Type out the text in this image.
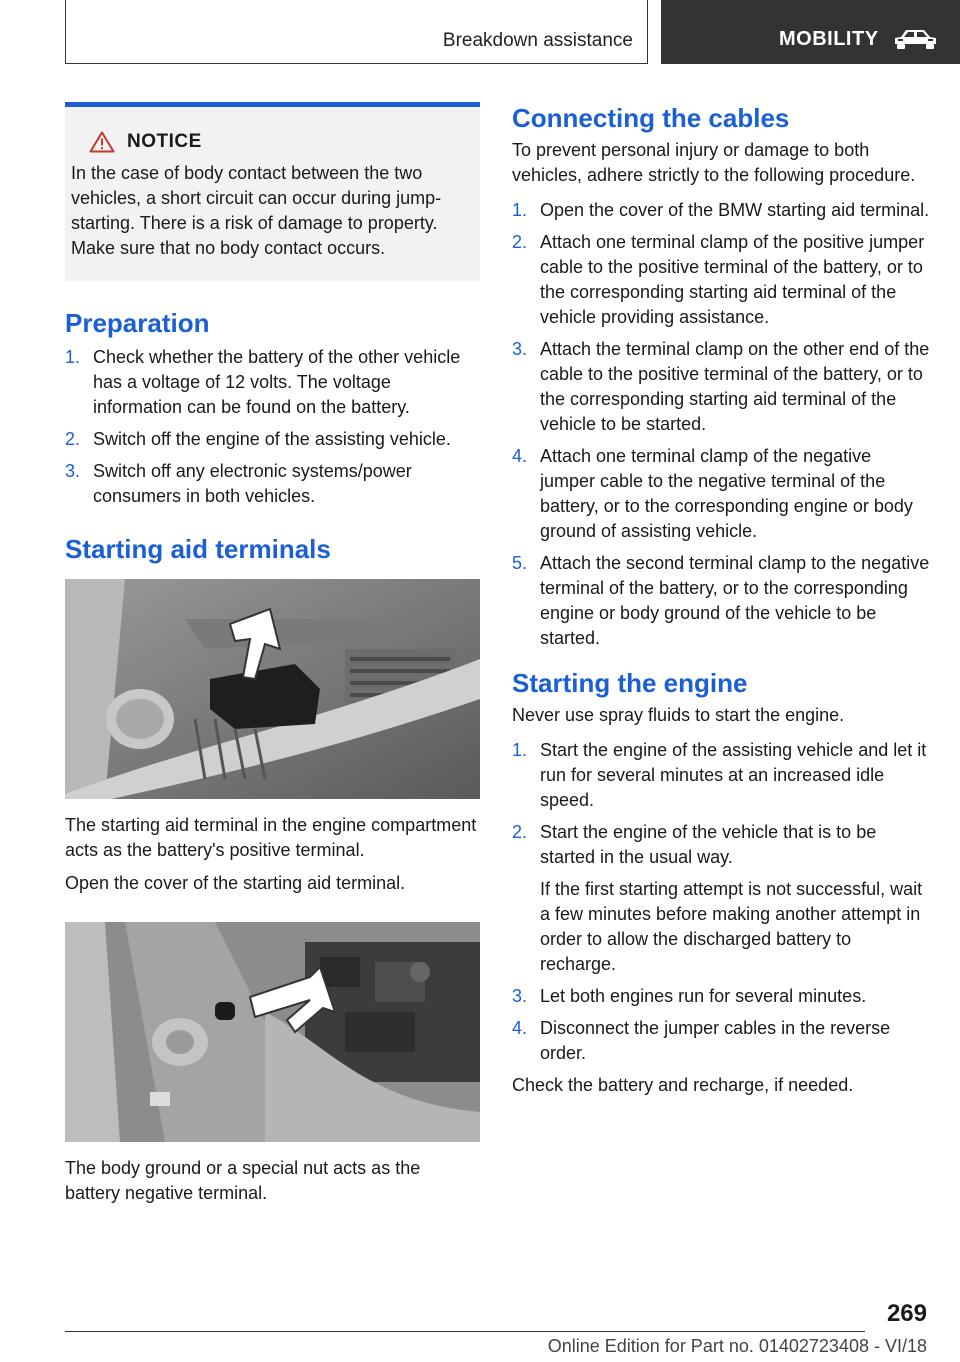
Breakdown assistance	MOBILITY
NOTICE

In the case of body contact between the two vehicles, a short circuit can occur during jump-starting. There is a risk of damage to property. Make sure that no body contact occurs.

Preparation
1. Check whether the battery of the other vehicle has a voltage of 12 volts. The voltage information can be found on the battery.
2. Switch off the engine of the assisting vehicle.
3. Switch off any electronic systems/power consumers in both vehicles.
Starting aid terminals

The starting aid terminal in the engine compartment acts as the battery's positive terminal.

Open the cover of the starting aid terminal.

The body ground or a special nut acts as the battery negative terminal.

Connecting the cables

To prevent personal injury or damage to both vehicles, adhere strictly to the following procedure.

1. Open the cover of the BMW starting aid terminal.
2. Attach one terminal clamp of the positive jumper cable to the positive terminal of the battery, or to the corresponding starting aid terminal of the vehicle providing assistance.
3. Attach the terminal clamp on the other end of the cable to the positive terminal of the battery, or to the corresponding starting aid terminal of the vehicle to be started.
4. Attach one terminal clamp of the negative jumper cable to the negative terminal of the battery, or to the corresponding engine or body ground of assisting vehicle.
5. Attach the second terminal clamp to the negative terminal of the battery, or to the corresponding engine or body ground of the vehicle to be started.
Starting the engine

Never use spray fluids to start the engine.

1. Start the engine of the assisting vehicle and let it run for several minutes at an increased idle speed.
2. Start the engine of the vehicle that is to be started in the usual way.
If the first starting attempt is not successful, wait a few minutes before making another attempt in order to allow the discharged battery to recharge.
3. Let both engines run for several minutes.
4. Disconnect the jumper cables in the reverse order.

Check the battery and recharge, if needed.

269
Online Edition for Part no. 01402723408 - VI/18
